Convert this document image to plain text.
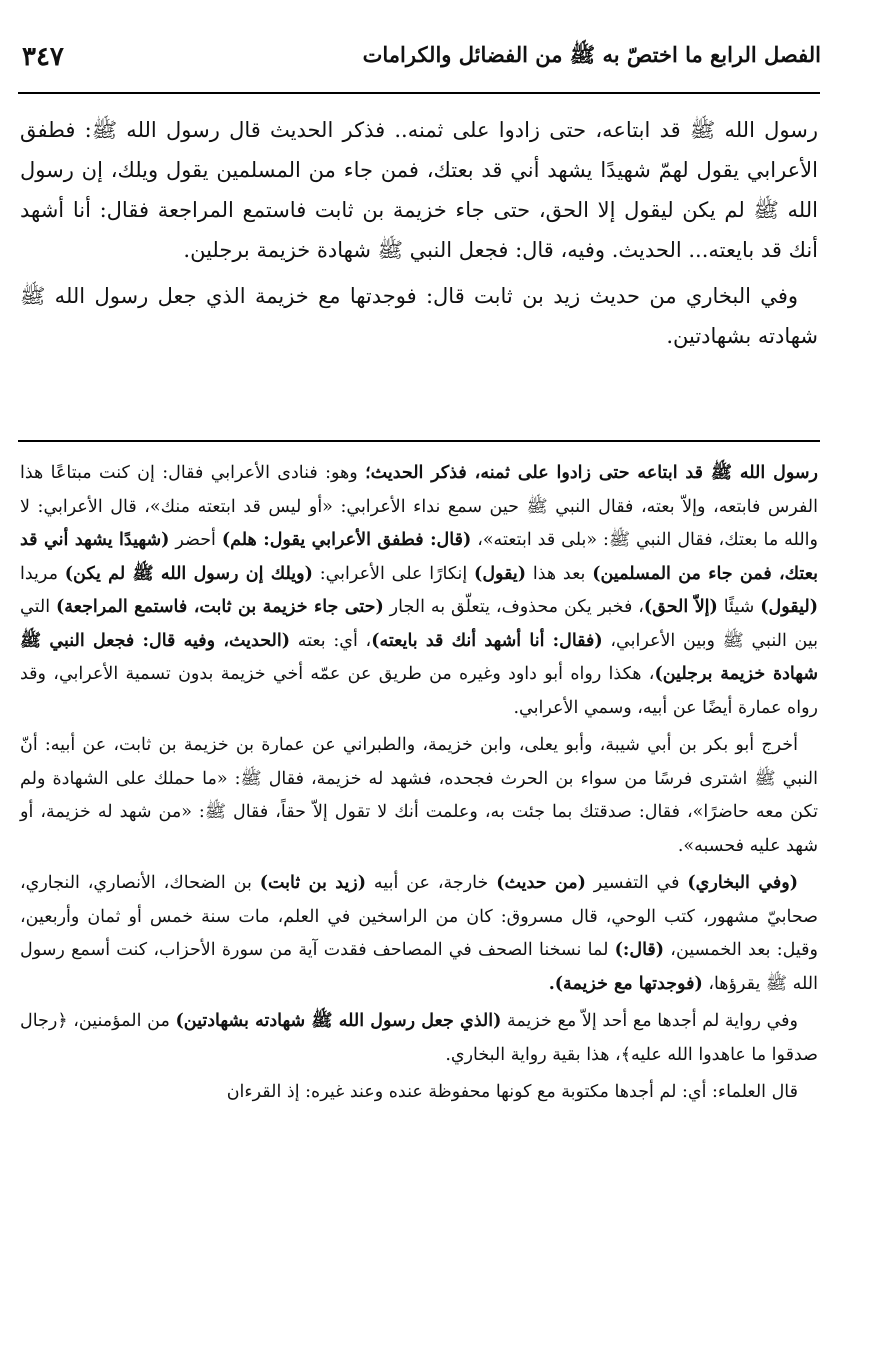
الفصل الرابع ما اختصّ به ﷺ من الفضائل والكرامات
٣٤٧

رسول الله ﷺ قد ابتاعه، حتى زادوا على ثمنه.. فذكر الحديث قال رسول الله ﷺ: فطفق الأعرابي يقول لهمّ شهيدًا يشهد أني قد بعتك، فمن جاء من المسلمين يقول ويلك، إن رسول الله ﷺ لم يكن ليقول إلا الحق، حتى جاء خزيمة بن ثابت فاستمع المراجعة فقال: أنا أشهد أنك قد بايعته... الحديث. وفيه، قال: فجعل النبي ﷺ شهادة خزيمة برجلين.

وفي البخاري من حديث زيد بن ثابت قال: فوجدتها مع خزيمة الذي جعل رسول الله ﷺ شهادته بشهادتين.

رسول الله ﷺ قد ابتاعه حتى زادوا على ثمنه، فذكر الحديث؛ وهو: فنادى الأعرابي فقال: إن كنت مبتاعًا هذا الفرس فابتعه، وإلاّ بعته، فقال النبي ﷺ حين سمع نداء الأعرابي: «أو ليس قد ابتعته منك»، قال الأعرابي: لا والله ما بعتك، فقال النبي ﷺ: «بلى قد ابتعته»، (قال: فطفق الأعرابي يقول: هلم) أحضر (شهيدًا يشهد أني قد بعتك، فمن جاء من المسلمين) بعد هذا (يقول) إنكارًا على الأعرابي: (ويلك إن رسول الله ﷺ لم يكن) مريدا (ليقول) شيئًا (إلاّ الحق)، فخبر يكن محذوف، يتعلّق به الجار (حتى جاء خزيمة بن ثابت، فاستمع المراجعة) التي بين النبي ﷺ وبين الأعرابي، (فقال: أنا أشهد أنك قد بايعته)، أي: بعته (الحديث، وفيه قال: فجعل النبي ﷺ شهادة خزيمة برجلين)، هكذا رواه أبو داود وغيره من طريق عن عمّه أخي خزيمة بدون تسمية الأعرابي، وقد رواه عمارة أيضًا عن أبيه، وسمي الأعرابي.

أخرج أبو بكر بن أبي شيبة، وأبو يعلى، وابن خزيمة، والطبراني عن عمارة بن خزيمة بن ثابت، عن أبيه: أنّ النبي ﷺ اشترى فرسًا من سواء بن الحرث فجحده، فشهد له خزيمة، فقال ﷺ: «ما حملك على الشهادة ولم تكن معه حاضرًا»، فقال: صدقتك بما جئت به، وعلمت أنك لا تقول إلاّ حقاً، فقال ﷺ: «من شهد له خزيمة، أو شهد عليه فحسبه».

(وفي البخاري) في التفسير (من حديث) خارجة، عن أبيه (زيد بن ثابت) بن الضحاك، الأنصاري، النجاري، صحابيّ مشهور، كتب الوحي، قال مسروق: كان من الراسخين في العلم، مات سنة خمس أو ثمان وأربعين، وقيل: بعد الخمسين، (قال:) لما نسخنا الصحف في المصاحف فقدت آية من سورة الأحزاب، كنت أسمع رسول الله ﷺ يقرؤها، (فوجدتها مع خزيمة).

وفي رواية لم أجدها مع أحد إلاّ مع خزيمة (الذي جعل رسول الله ﷺ شهادته بشهادتين) من المؤمنين، ﴿رجال صدقوا ما عاهدوا الله عليه﴾، هذا بقية رواية البخاري.

قال العلماء: أي: لم أجدها مكتوبة مع كونها محفوظة عنده وعند غيره: إذ القرءان
